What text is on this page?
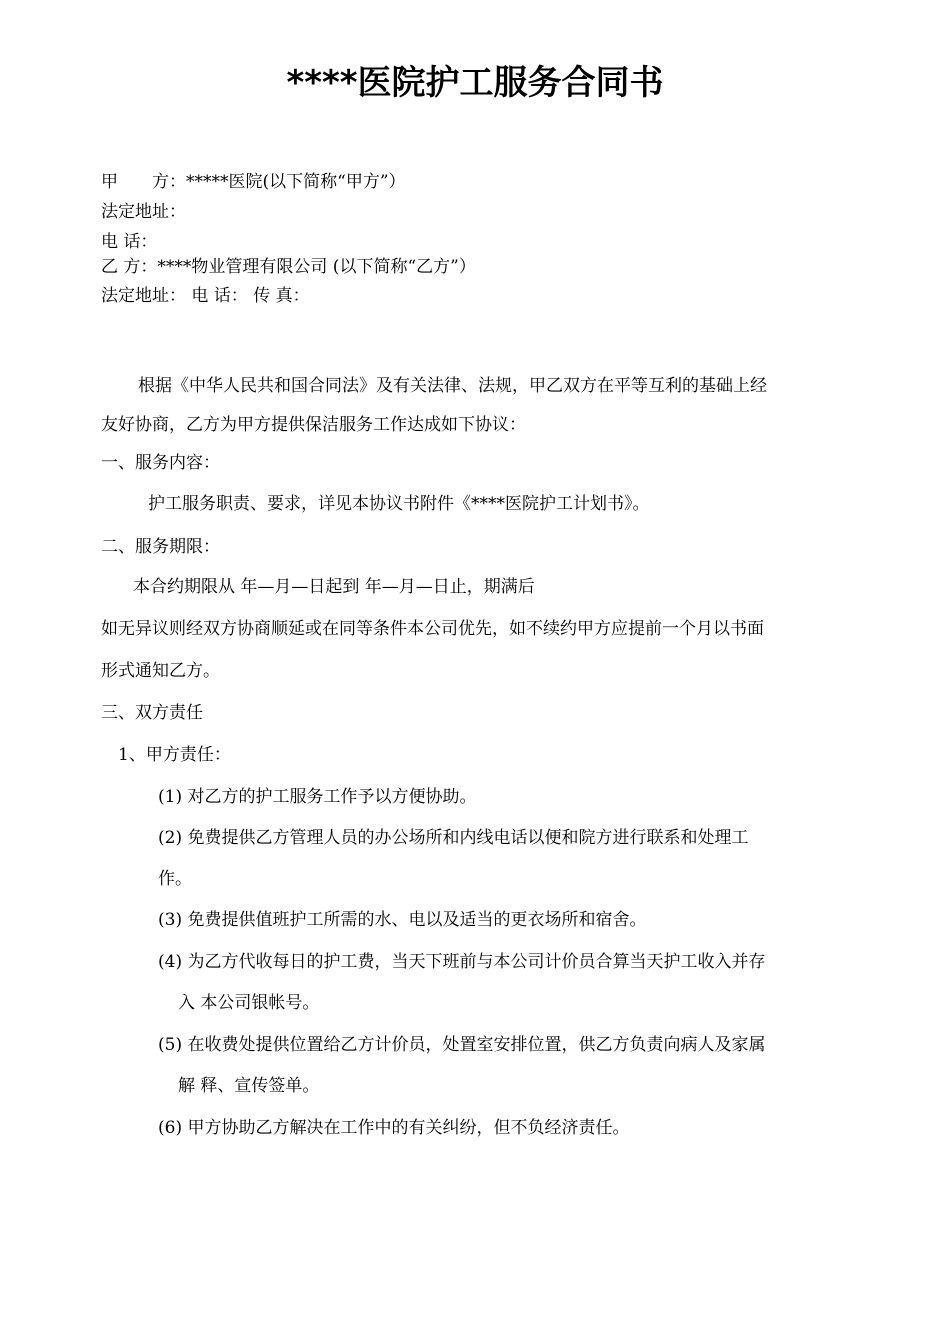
****医院护工服务合同书
甲　　方：*****医院(以下简称“甲方”）
法定地址：
电 话：
乙 方：****物业管理有限公司 (以下简称“乙方”）
法定地址： 电 话： 传 真：
根据《中华人民共和国合同法》及有关法律、法规，甲乙双方在平等互利的基础上经
友好协商，乙方为甲方提供保洁服务工作达成如下协议：
一、服务内容：
护工服务职责、要求，详见本协议书附件《****医院护工计划书》。
二、服务期限：
本合约期限从 年—月—日起到 年—月—日止，期满后
如无异议则经双方协商顺延或在同等条件本公司优先，如不续约甲方应提前一个月以书面
形式通知乙方。
三、双方责任
1、甲方责任：
(1) 对乙方的护工服务工作予以方便协助。
(2) 免费提供乙方管理人员的办公场所和内线电话以便和院方进行联系和处理工
作。
(3) 免费提供值班护工所需的水、电以及适当的更衣场所和宿舍。
(4) 为乙方代收每日的护工费，当天下班前与本公司计价员合算当天护工收入并存
入 本公司银帐号。
(5) 在收费处提供位置给乙方计价员，处置室安排位置，供乙方负责向病人及家属
解 释、宣传签单。
(6) 甲方协助乙方解决在工作中的有关纠纷，但不负经济责任。
